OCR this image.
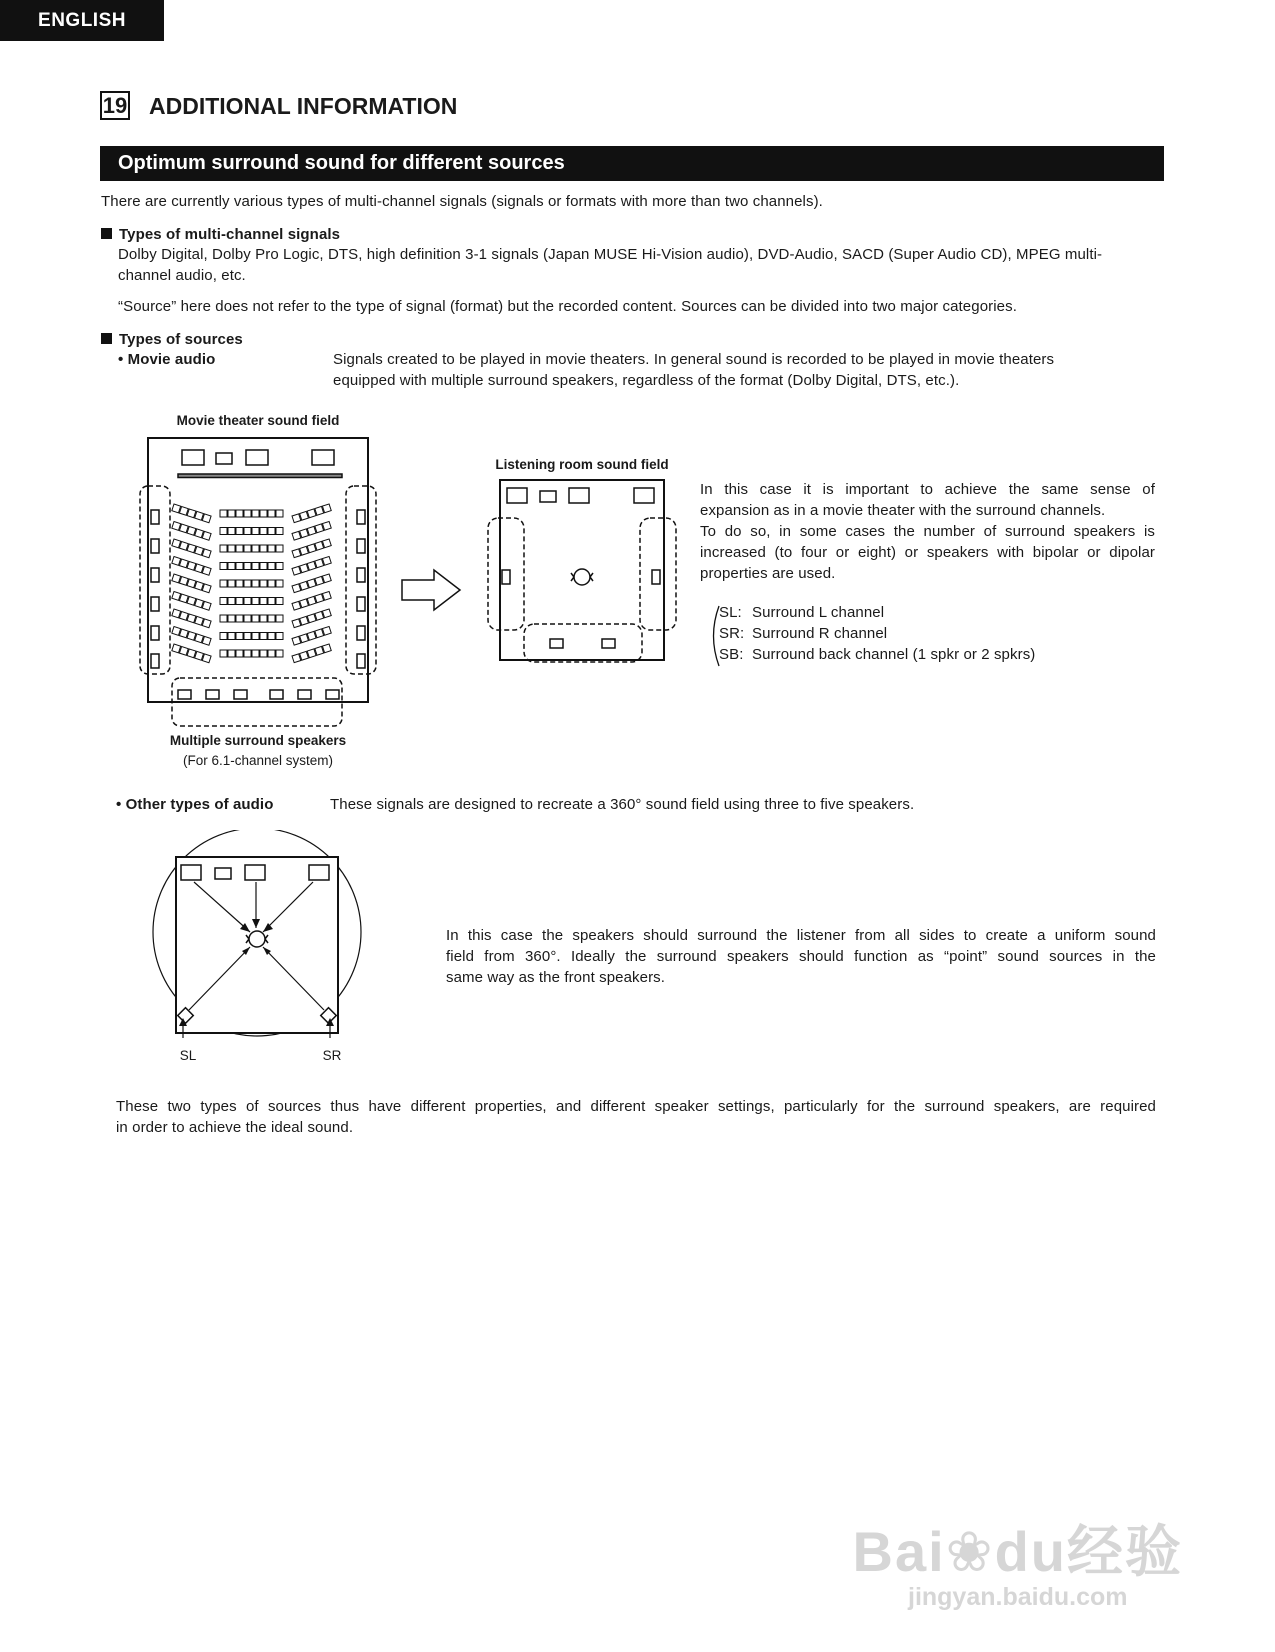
ENGLISH
19 ADDITIONAL INFORMATION
Optimum surround sound for different sources
There are currently various types of multi-channel signals (signals or formats with more than two channels).
Types of multi-channel signals
Dolby Digital, Dolby Pro Logic, DTS, high definition 3-1 signals (Japan MUSE Hi-Vision audio), DVD-Audio, SACD (Super Audio CD), MPEG multi-
channel audio, etc.
“Source” here does not refer to the type of signal (format) but the recorded content. Sources can be divided into two major categories.
Types of sources
• Movie audio	Signals created to be played in movie theaters. In general sound is recorded to be played in movie theaters
equipped with multiple surround speakers, regardless of the format (Dolby Digital, DTS, etc.).
Movie theater sound field
Listening room sound field
Multiple surround speakers
(For 6.1-channel system)
In this case it is important to achieve the same sense of
expansion as in a movie theater with the surround channels.
To do so, in some cases the number of surround speakers is
increased (to four or eight) or speakers with bipolar or dipolar
properties are used.
SL: Surround L channel
SR: Surround R channel
SB: Surround back channel (1 spkr or 2 spkrs)
• Other types of audio	These signals are designed to recreate a 360° sound field using three to five speakers.
SL	SR
In this case the speakers should surround the listener from all sides to create a uniform sound
field from 360°. Ideally the surround speakers should function as “point” sound sources in the
same way as the front speakers.
These two types of sources thus have different properties, and different speaker settings, particularly for the surround speakers, are required
in order to achieve the ideal sound.
Bai❀du经验
jingyan.baidu.com
